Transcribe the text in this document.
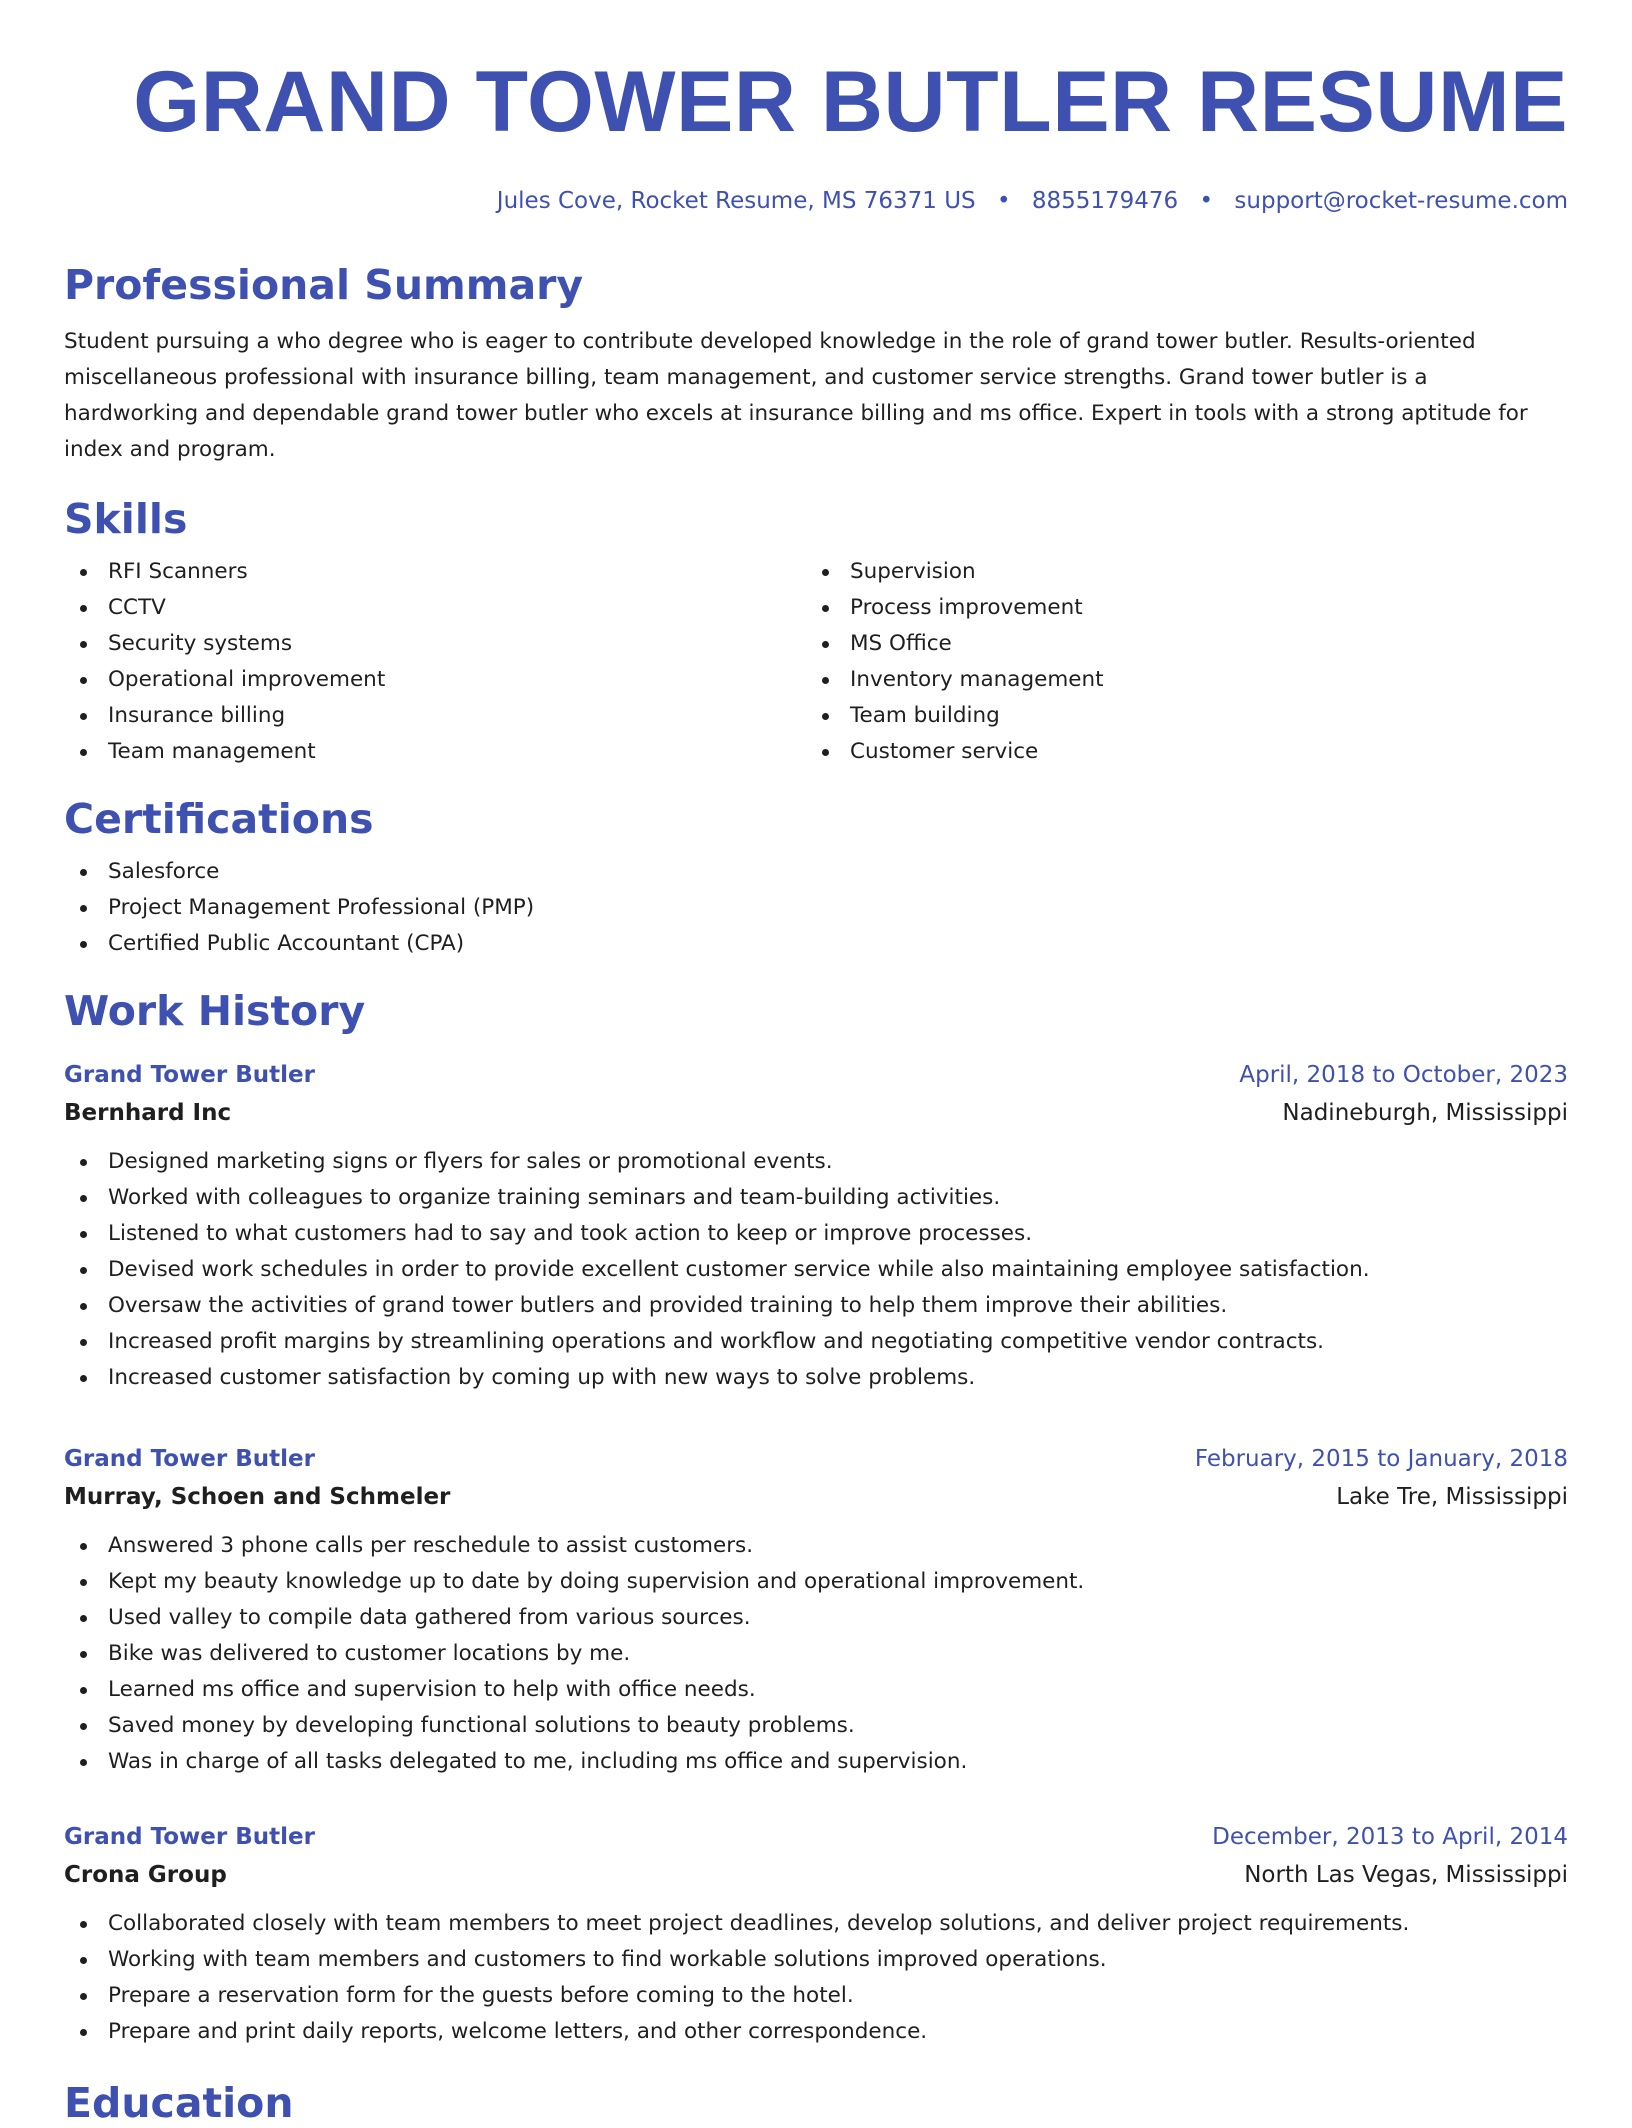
GRAND TOWER BUTLER RESUME
Jules Cove, Rocket Resume, MS 76371 US • 8855179476 • support@rocket-resume.com
Professional Summary

Student pursuing a who degree who is eager to contribute developed knowledge in the role of grand tower butler. Results-oriented miscellaneous professional with insurance billing, team management, and customer service strengths. Grand tower butler is a hardworking and dependable grand tower butler who excels at insurance billing and ms office. Expert in tools with a strong aptitude for index and program.

Skills
RFI Scanners
CCTV
Security systems
Operational improvement
Insurance billing
Team management
Supervision
Process improvement
MS Office
Inventory management
Team building
Customer service
Certifications
Salesforce
Project Management Professional (PMP)
Certified Public Accountant (CPA)
Work History
Grand Tower Butler	April, 2018 to October, 2023
Bernhard Inc	Nadineburgh, Mississippi
Designed marketing signs or flyers for sales or promotional events.
Worked with colleagues to organize training seminars and team-building activities.
Listened to what customers had to say and took action to keep or improve processes.
Devised work schedules in order to provide excellent customer service while also maintaining employee satisfaction.
Oversaw the activities of grand tower butlers and provided training to help them improve their abilities.
Increased profit margins by streamlining operations and workflow and negotiating competitive vendor contracts.
Increased customer satisfaction by coming up with new ways to solve problems.
Grand Tower Butler	February, 2015 to January, 2018
Murray, Schoen and Schmeler	Lake Tre, Mississippi
Answered 3 phone calls per reschedule to assist customers.
Kept my beauty knowledge up to date by doing supervision and operational improvement.
Used valley to compile data gathered from various sources.
Bike was delivered to customer locations by me.
Learned ms office and supervision to help with office needs.
Saved money by developing functional solutions to beauty problems.
Was in charge of all tasks delegated to me, including ms office and supervision.
Grand Tower Butler	December, 2013 to April, 2014
Crona Group	North Las Vegas, Mississippi
Collaborated closely with team members to meet project deadlines, develop solutions, and deliver project requirements.
Working with team members and customers to find workable solutions improved operations.
Prepare a reservation form for the guests before coming to the hotel.
Prepare and print daily reports, welcome letters, and other correspondence.
Education
